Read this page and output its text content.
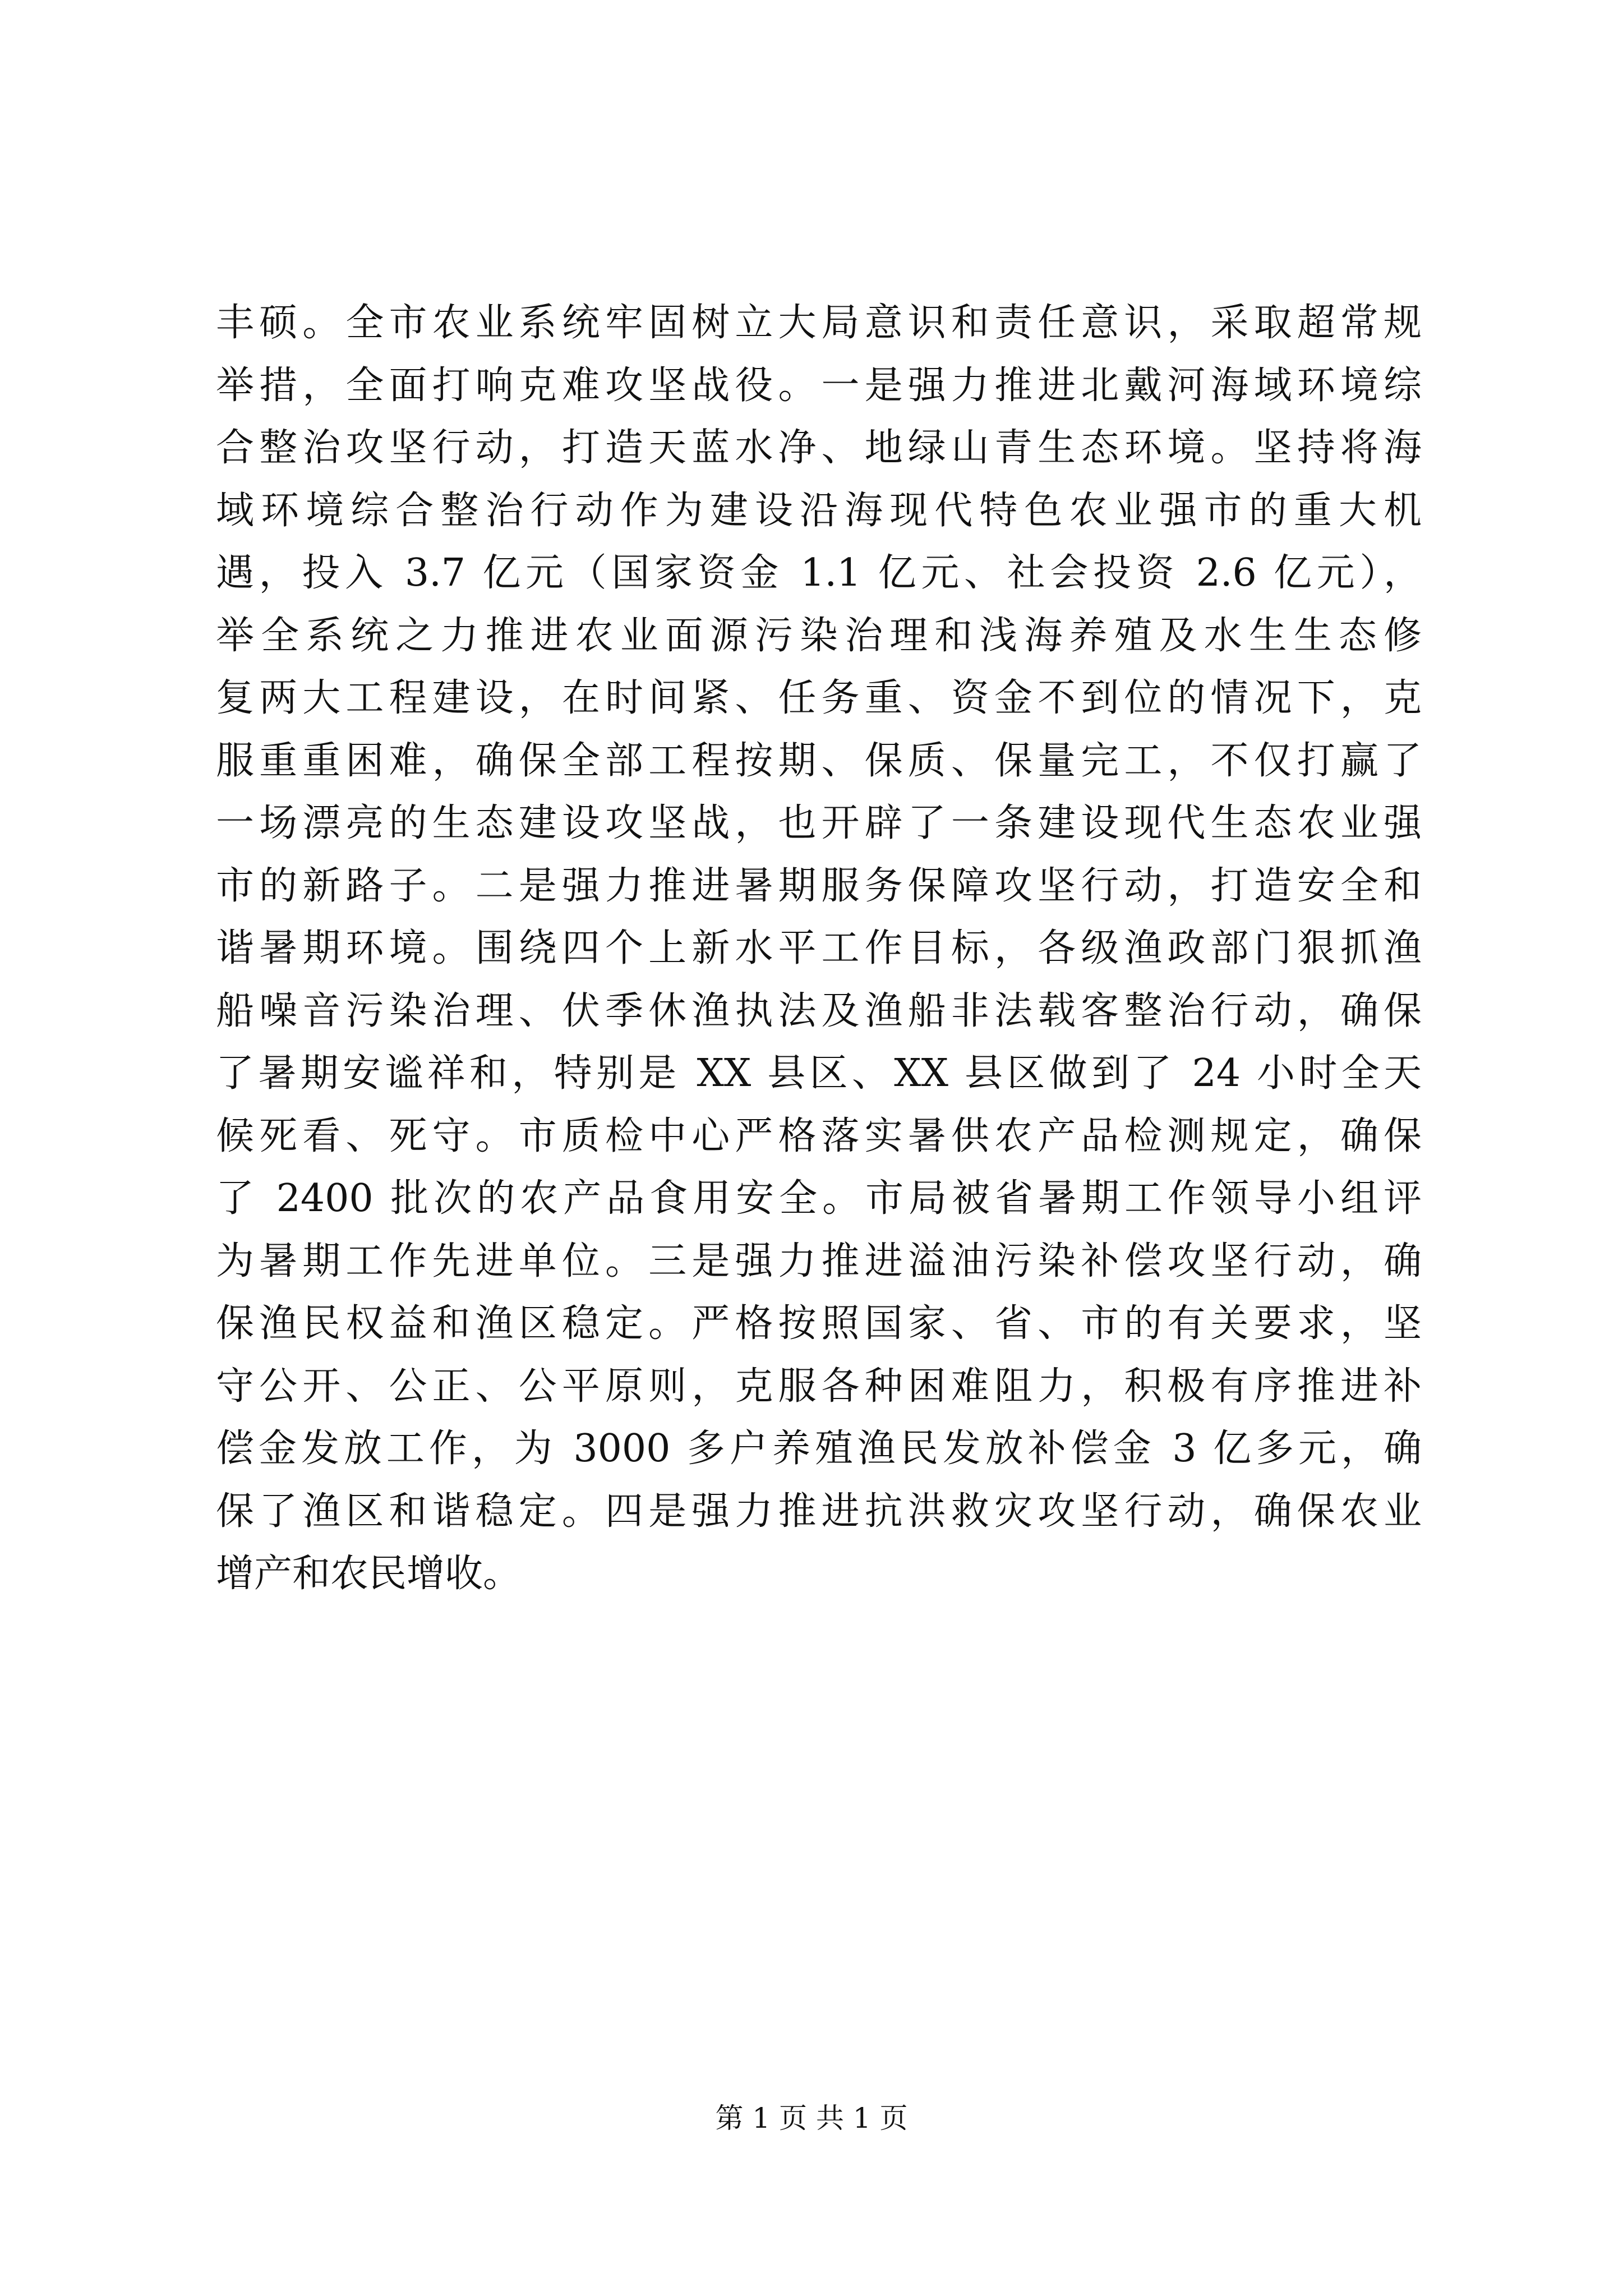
丰硕。全市农业系统牢固树立大局意识和责任意识，采取超常规
举措，全面打响克难攻坚战役。一是强力推进北戴河海域环境综
合整治攻坚行动，打造天蓝水净、地绿山青生态环境。坚持将海
域环境综合整治行动作为建设沿海现代特色农业强市的重大机
遇，投入 3.7 亿元（国家资金 1.1 亿元、社会投资 2.6 亿元），
举全系统之力推进农业面源污染治理和浅海养殖及水生生态修
复两大工程建设，在时间紧、任务重、资金不到位的情况下，克
服重重困难，确保全部工程按期、保质、保量完工，不仅打赢了
一场漂亮的生态建设攻坚战，也开辟了一条建设现代生态农业强
市的新路子。二是强力推进暑期服务保障攻坚行动，打造安全和
谐暑期环境。围绕四个上新水平工作目标，各级渔政部门狠抓渔
船噪音污染治理、伏季休渔执法及渔船非法载客整治行动，确保
了暑期安谧祥和，特别是 XX 县区、XX 县区做到了 24 小时全天
候死看、死守。市质检中心严格落实暑供农产品检测规定，确保
了 2400 批次的农产品食用安全。市局被省暑期工作领导小组评
为暑期工作先进单位。三是强力推进溢油污染补偿攻坚行动，确
保渔民权益和渔区稳定。严格按照国家、省、市的有关要求，坚
守公开、公正、公平原则，克服各种困难阻力，积极有序推进补
偿金发放工作，为 3000 多户养殖渔民发放补偿金 3 亿多元，确
保了渔区和谐稳定。四是强力推进抗洪救灾攻坚行动，确保农业
增产和农民增收。
第 1 页 共 1 页
